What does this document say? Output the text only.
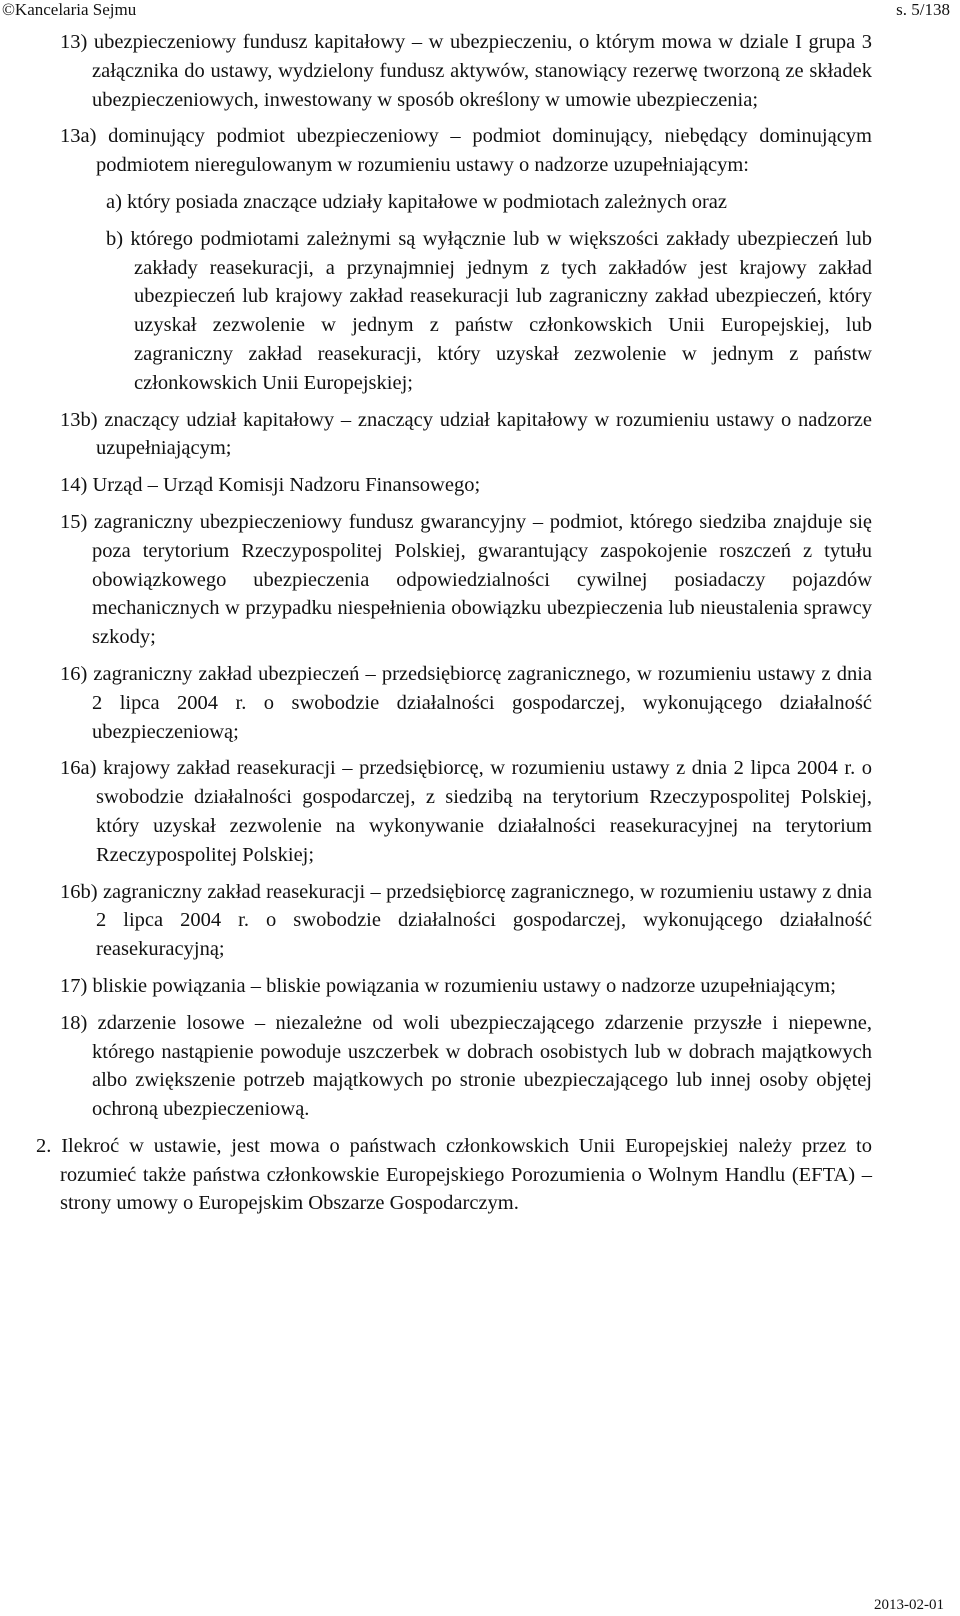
©Kancelaria Sejmu	s. 5/138
13) ubezpieczeniowy fundusz kapitałowy – w ubezpieczeniu, o którym mowa w dziale I grupa 3 załącznika do ustawy, wydzielony fundusz aktywów, stanowiący rezerwę tworzoną ze składek ubezpieczeniowych, inwestowany w sposób określony w umowie ubezpieczenia;
13a) dominujący podmiot ubezpieczeniowy – podmiot dominujący, niebędący dominującym podmiotem nieregulowanym w rozumieniu ustawy o nadzorze uzupełniającym:
a) który posiada znaczące udziały kapitałowe w podmiotach zależnych oraz
b) którego podmiotami zależnymi są wyłącznie lub w większości zakłady ubezpieczeń lub zakłady reasekuracji, a przynajmniej jednym z tych zakładów jest krajowy zakład ubezpieczeń lub krajowy zakład reasekuracji lub zagraniczny zakład ubezpieczeń, który uzyskał zezwolenie w jednym z państw członkowskich Unii Europejskiej, lub zagraniczny zakład reasekuracji, który uzyskał zezwolenie w jednym z państw członkowskich Unii Europejskiej;
13b) znaczący udział kapitałowy – znaczący udział kapitałowy w rozumieniu ustawy o nadzorze uzupełniającym;
14) Urząd – Urząd Komisji Nadzoru Finansowego;
15) zagraniczny ubezpieczeniowy fundusz gwarancyjny – podmiot, którego siedziba znajduje się poza terytorium Rzeczypospolitej Polskiej, gwarantujący zaspokojenie roszczeń z tytułu obowiązkowego ubezpieczenia odpowiedzialności cywilnej posiadaczy pojazdów mechanicznych w przypadku niespełnienia obowiązku ubezpieczenia lub nieustalenia sprawcy szkody;
16) zagraniczny zakład ubezpieczeń – przedsiębiorcę zagranicznego, w rozumieniu ustawy z dnia 2 lipca 2004 r. o swobodzie działalności gospodarczej, wykonującego działalność ubezpieczeniową;
16a) krajowy zakład reasekuracji – przedsiębiorcę, w rozumieniu ustawy z dnia 2 lipca 2004 r. o swobodzie działalności gospodarczej, z siedzibą na terytorium Rzeczypospolitej Polskiej, który uzyskał zezwolenie na wykonywanie działalności reasekuracyjnej na terytorium Rzeczypospolitej Polskiej;
16b) zagraniczny zakład reasekuracji – przedsiębiorcę zagranicznego, w rozumieniu ustawy z dnia 2 lipca 2004 r. o swobodzie działalności gospodarczej, wykonującego działalność reasekuracyjną;
17) bliskie powiązania – bliskie powiązania w rozumieniu ustawy o nadzorze uzupełniającym;
18) zdarzenie losowe – niezależne od woli ubezpieczającego zdarzenie przyszłe i niepewne, którego nastąpienie powoduje uszczerbek w dobrach osobistych lub w dobrach majątkowych albo zwiększenie potrzeb majątkowych po stronie ubezpieczającego lub innej osoby objętej ochroną ubezpieczeniową.
2. Ilekroć w ustawie, jest mowa o państwach członkowskich Unii Europejskiej należy przez to rozumieć także państwa członkowskie Europejskiego Porozumienia o Wolnym Handlu (EFTA) – strony umowy o Europejskim Obszarze Gospodarczym.
2013-02-01
